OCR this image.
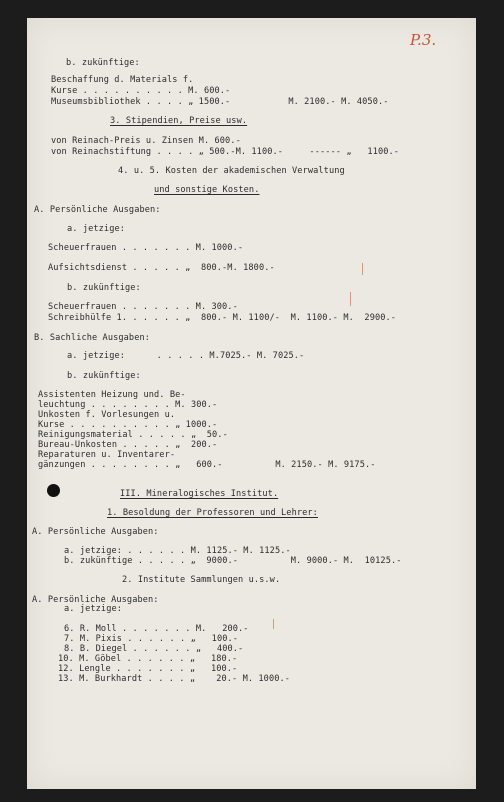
P.3.
b. zukünftige:
Beschaffung d. Materials f.
Kurse . . . . . . . . . . M. 600.-
Museumsbibliothek . . . . „ 1500.-           M. 2100.- M. 4050.-
3. Stipendien, Preise usw.
von Reinach-Preis u. Zinsen M. 600.-
von Reinachstiftung . . . . „ 500.-M. 1100.-     ------ „   1100.-
4. u. 5. Kosten der akademischen Verwaltung
und sonstige Kosten.
A. Persönliche Ausgaben:
a. jetzige:
Scheuerfrauen . . . . . . . M. 1000.-
Aufsichtsdienst . . . . . „  800.-M. 1800.-
b. zukünftige:
Scheuerfrauen . . . . . . . M. 300.-
Schreibhülfe 1. . . . . . „  800.- M. 1100/-  M. 1100.- M.  2900.-
B. Sachliche Ausgaben:
a. jetzige:      . . . . . M.7025.- M. 7025.-
b. zukünftige:
Assistenten Heizung und. Be-
leuchtung . . . . . . . . M. 300.-
Unkosten f. Vorlesungen u.
Kurse . . . . . . . . . . „ 1000.-
Reinigungsmaterial . . . . . „  50.-
Bureau-Unkosten . . . . . „  200.-
Reparaturen u. Inventarer-
gänzungen . . . . . . . . „   600.-          M. 2150.- M. 9175.-
III. Mineralogisches Institut.
1. Besoldung der Professoren und Lehrer:
A. Persönliche Ausgaben:
a. jetzige: . . . . . . M. 1125.- M. 1125.-
b. zukünftige . . . . . „  9000.-          M. 9000.- M.  10125.-
2. Institute Sammlungen u.s.w.
A. Persönliche Ausgaben:
a. jetzige:
6. R. Moll . . . . . . . M.   200.-
7. M. Pixis . . . . . . „   100.-
8. B. Diegel . . . . . . „   400.-
10. M. Göbel . . . . . . „   180.-
12. Lengle . . . . . . . „   100.-
13. M. Burkhardt . . . . „    20.- M. 1000.-
